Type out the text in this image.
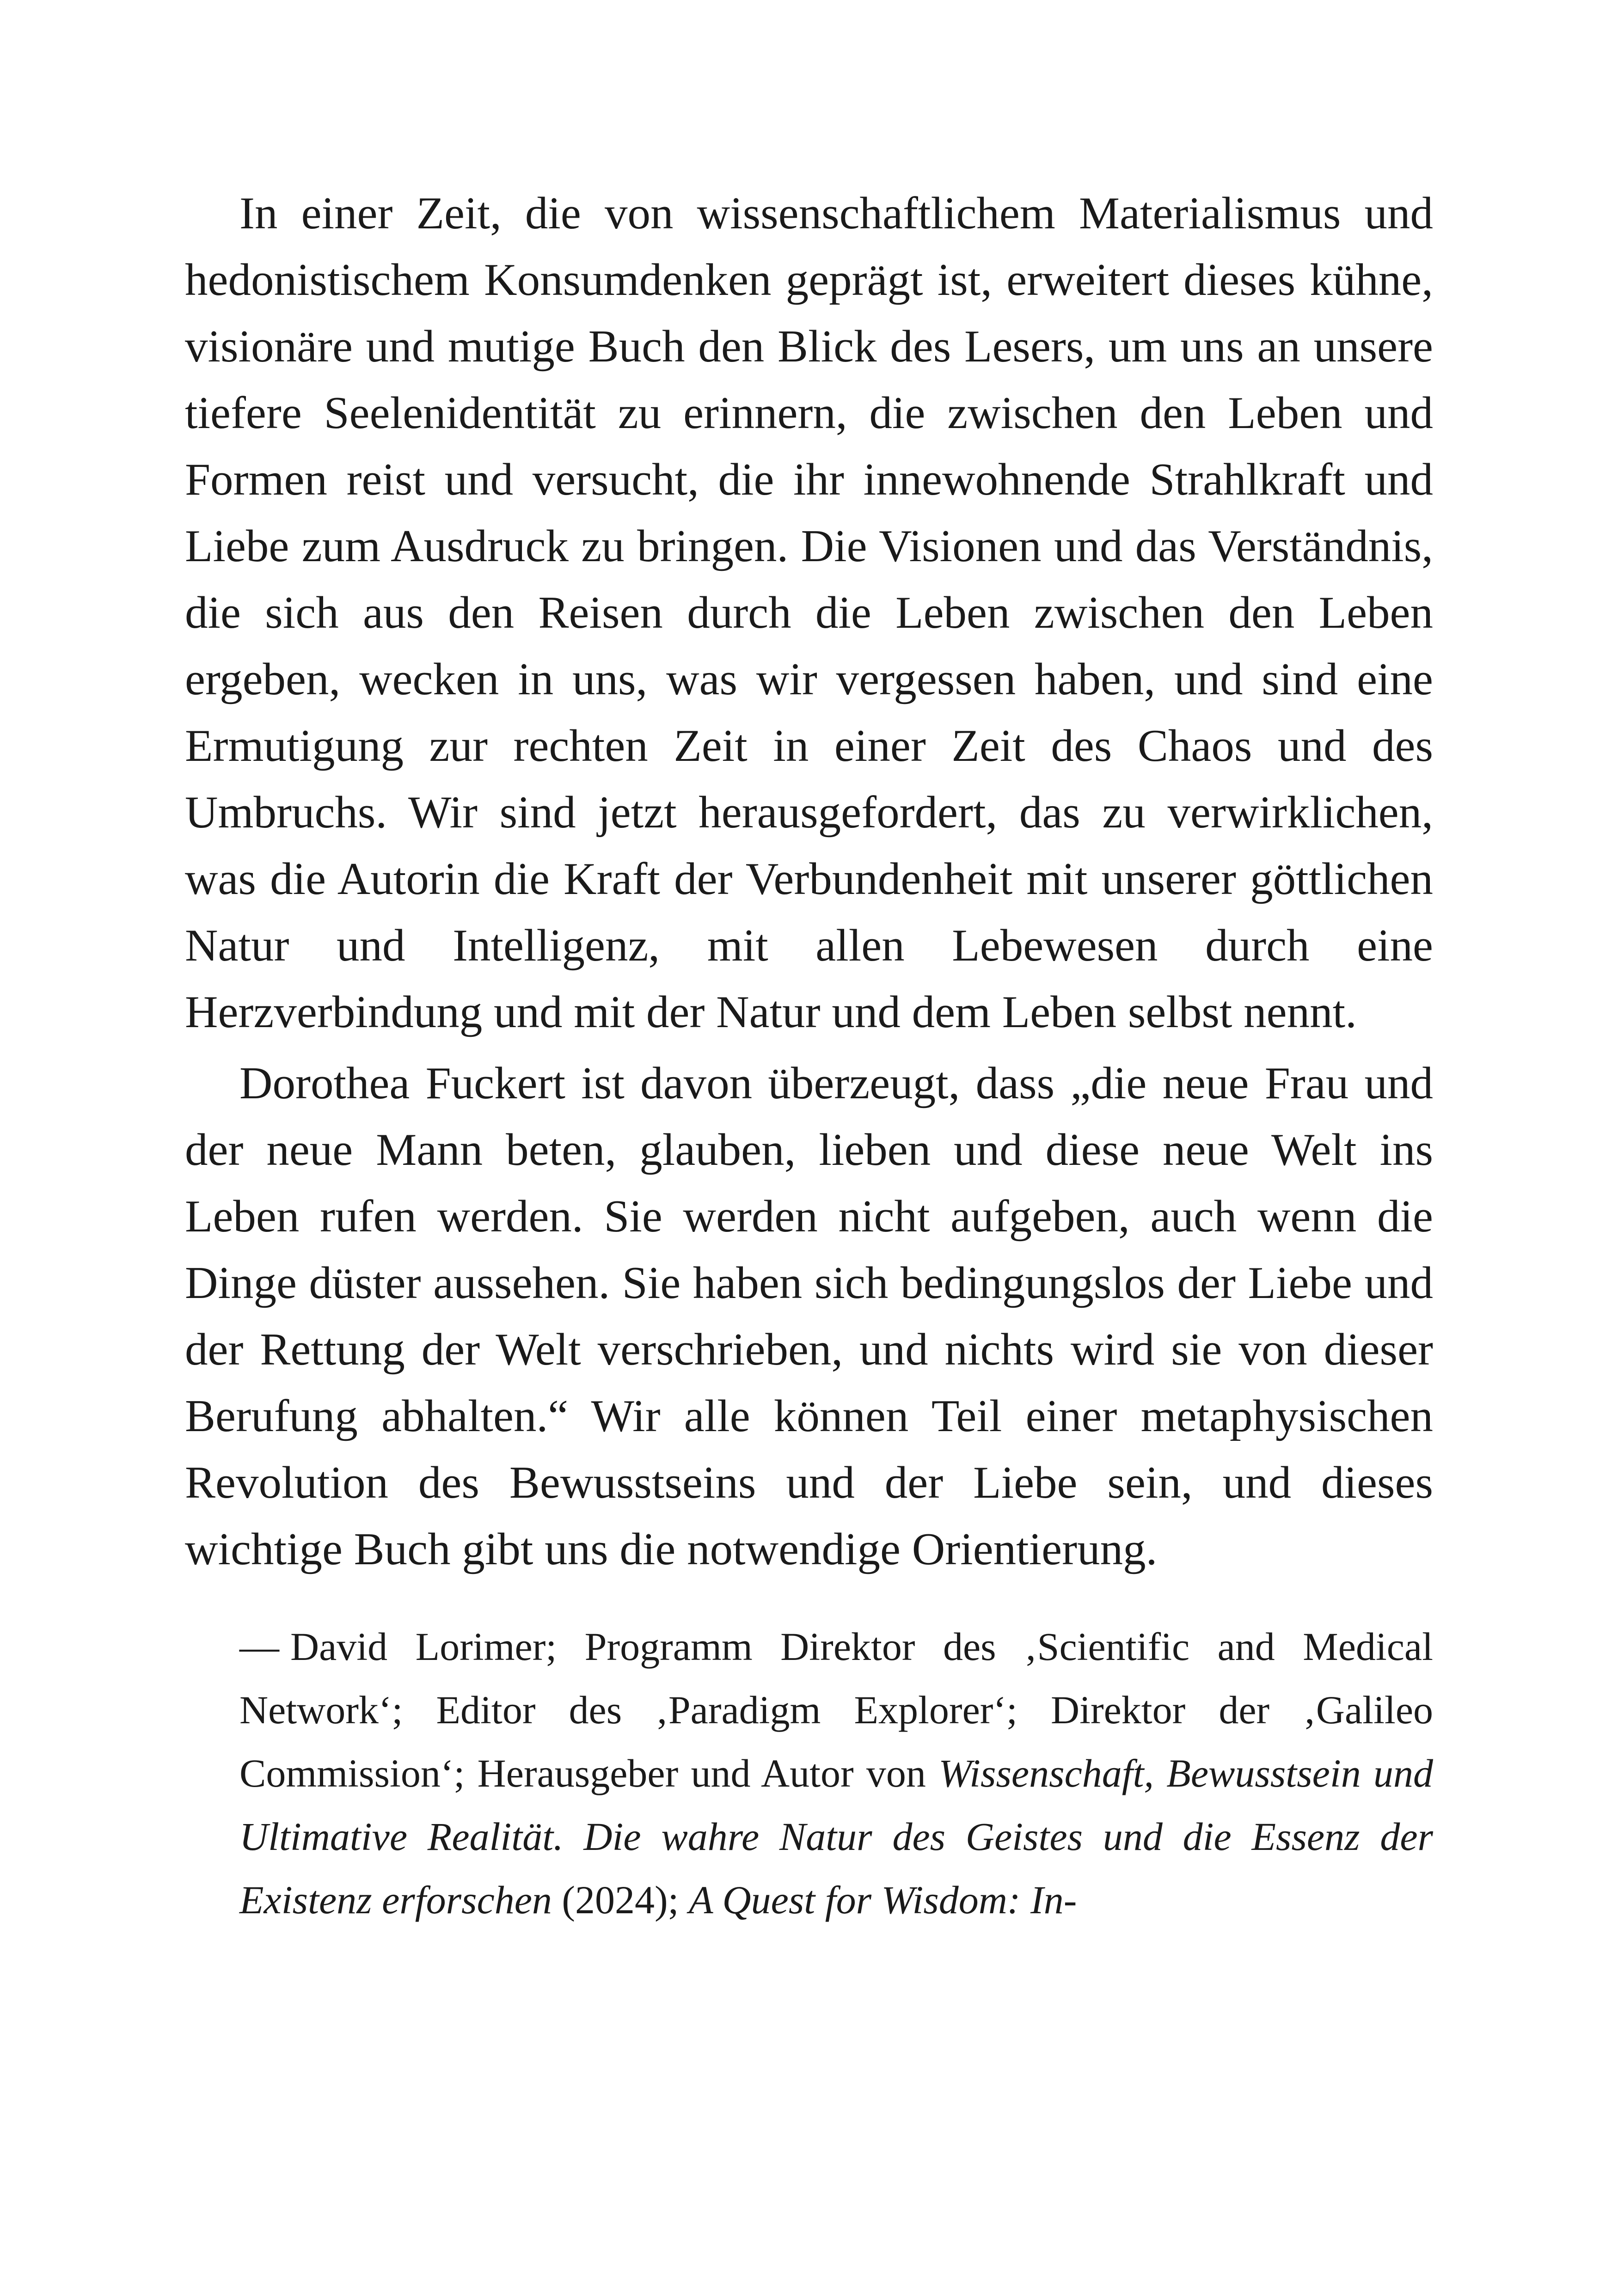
In einer Zeit, die von wissenschaftlichem Materialismus und hedonistischem Konsumdenken geprägt ist, erweitert dieses kühne, visionäre und mutige Buch den Blick des Lesers, um uns an unsere tiefere Seelenidentität zu erinnern, die zwischen den Leben und Formen reist und versucht, die ihr innewohnende Strahlkraft und Liebe zum Ausdruck zu bringen. Die Visionen und das Verständnis, die sich aus den Reisen durch die Leben zwischen den Leben ergeben, wecken in uns, was wir vergessen haben, und sind eine Ermutigung zur rechten Zeit in einer Zeit des Chaos und des Umbruchs. Wir sind jetzt herausgefordert, das zu verwirklichen, was die Autorin die Kraft der Verbundenheit mit unserer göttlichen Natur und Intelligenz, mit allen Lebewesen durch eine Herzverbindung und mit der Natur und dem Leben selbst nennt.

Dorothea Fuckert ist davon überzeugt, dass „die neue Frau und der neue Mann beten, glauben, lieben und diese neue Welt ins Leben rufen werden. Sie werden nicht aufgeben, auch wenn die Dinge düster aussehen. Sie haben sich bedingungslos der Liebe und der Rettung der Welt verschrieben, und nichts wird sie von dieser Berufung abhalten.“ Wir alle können Teil einer metaphysischen Revolution des Bewusstseins und der Liebe sein, und dieses wichtige Buch gibt uns die notwendige Orientierung.

— David Lorimer; Programm Direktor des ‚Scientific and Medical Network‘; Editor des ‚Paradigm Explorer‘; Direktor der ‚Galileo Commission‘; Herausgeber und Autor von Wissenschaft, Bewusstsein und Ultimative Realität. Die wahre Natur des Geistes und die Essenz der Existenz erforschen (2024); A Quest for Wisdom: In-
